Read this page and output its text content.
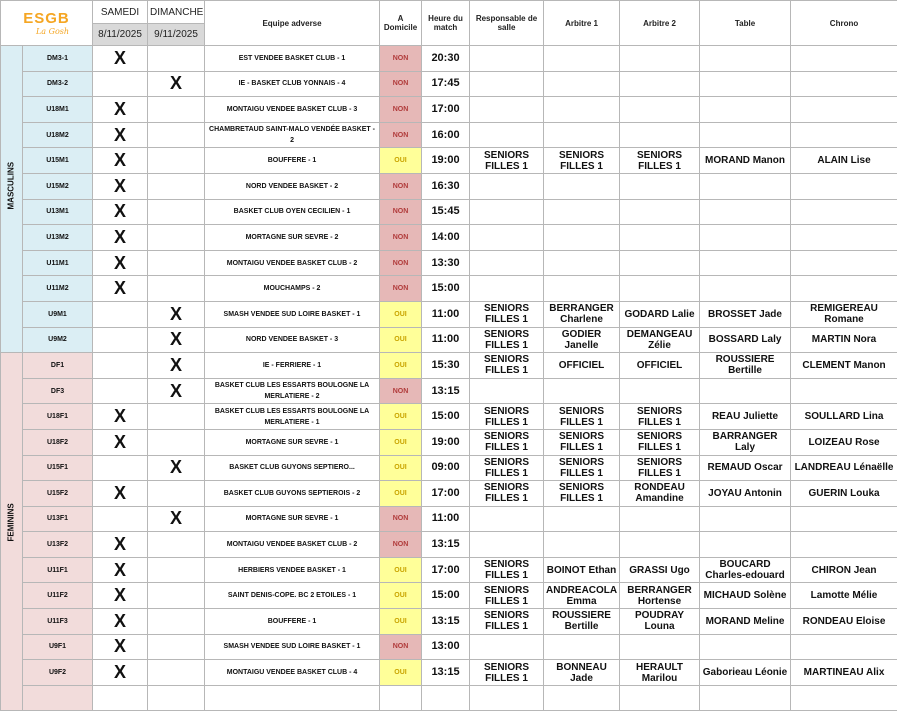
ESGB
La Gosh		SAMEDI	DIMANCHE	Equipe adverse	A Domicile	Heure du match	Responsable de salle	Arbitre 1	Arbitre 2	Table	Chrono
		8/11/2025	9/11/2025								

MASCULINS	DM3-1	X		EST VENDEE BASKET CLUB - 1	NON	20:30					
	DM3-2		X	IE - BASKET CLUB YONNAIS - 4	NON	17:45					
	U18M1	X		MONTAIGU VENDEE BASKET CLUB - 3	NON	17:00					
	U18M2	X		CHAMBRETAUD SAINT-MALO VENDÉE BASKET - 2	NON	16:00					
	U15M1	X		BOUFFERE - 1	OUI	19:00	SENIORS FILLES 1	SENIORS FILLES 1	SENIORS FILLES 1	MORAND Manon	ALAIN Lise
	U15M2	X		NORD VENDEE BASKET - 2	NON	16:30					
	U13M1	X		BASKET CLUB OYEN CECILIEN - 1	NON	15:45					
	U13M2	X		MORTAGNE SUR SEVRE - 2	NON	14:00					
	U11M1	X		MONTAIGU VENDEE BASKET CLUB - 2	NON	13:30					
	U11M2	X		MOUCHAMPS - 2	NON	15:00					
	U9M1		X	SMASH VENDEE SUD LOIRE BASKET - 1	OUI	11:00	SENIORS FILLES 1	BERRANGER Charlene	GODARD Lalie	BROSSET Jade	REMIGEREAU Romane
	U9M2		X	NORD VENDEE BASKET - 3	OUI	11:00	SENIORS FILLES 1	GODIER Janelle	DEMANGEAU Zélie	BOSSARD Laly	MARTIN Nora

FEMININS	DF1		X	IE - FERRIERE - 1	OUI	15:30	SENIORS FILLES 1	OFFICIEL	OFFICIEL	ROUSSIERE Bertille	CLEMENT Manon
	DF3		X	BASKET CLUB LES ESSARTS BOULOGNE LA MERLATIERE - 2	NON	13:15					
	U18F1	X		BASKET CLUB LES ESSARTS BOULOGNE LA MERLATIERE - 1	OUI	15:00	SENIORS FILLES 1	SENIORS FILLES 1	SENIORS FILLES 1	REAU Juliette	SOULLARD Lina
	U18F2	X		MORTAGNE SUR SEVRE - 1	OUI	19:00	SENIORS FILLES 1	SENIORS FILLES 1	SENIORS FILLES 1	BARRANGER Laly	LOIZEAU Rose
	U15F1		X	BASKET CLUB GUYONS SEPTIERO...	OUI	09:00	SENIORS FILLES 1	SENIORS FILLES 1	SENIORS FILLES 1	REMAUD Oscar	LANDREAU Lénaëlle
	U15F2	X		BASKET CLUB GUYONS SEPTIEROIS - 2	OUI	17:00	SENIORS FILLES 1	SENIORS FILLES 1	RONDEAU Amandine	JOYAU Antonin	GUERIN Louka
	U13F1		X	MORTAGNE SUR SEVRE - 1	NON	11:00					
	U13F2	X		MONTAIGU VENDEE BASKET CLUB - 2	NON	13:15					
	U11F1	X		HERBIERS VENDEE BASKET - 1	OUI	17:00	SENIORS FILLES 1	BOINOT Ethan	GRASSI Ugo	BOUCARD Charles-edouard	CHIRON Jean
	U11F2	X		SAINT DENIS-COPE. BC 2 ETOILES - 1	OUI	15:00	SENIORS FILLES 1	ANDREACOLA Emma	BERRANGER Hortense	MICHAUD Solène	Lamotte Mélie
	U11F3	X		BOUFFERE - 1	OUI	13:15	SENIORS FILLES 1	ROUSSIERE Bertille	POUDRAY Louna	MORAND Meline	RONDEAU Eloise
	U9F1	X		SMASH VENDEE SUD LOIRE BASKET - 1	NON	13:00					
	U9F2	X		MONTAIGU VENDEE BASKET CLUB - 4	OUI	13:15	SENIORS FILLES 1	BONNEAU Jade	HERAULT Marilou	Gaborieau Léonie	MARTINEAU Alix
